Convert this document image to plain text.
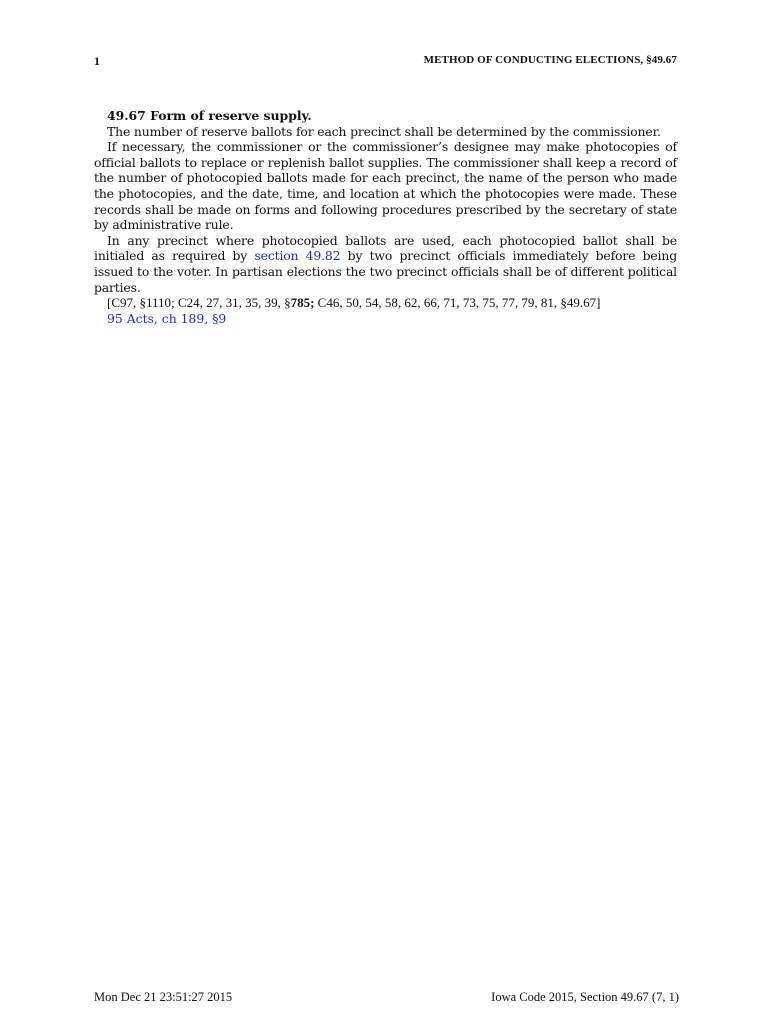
1	METHOD OF CONDUCTING ELECTIONS, §49.67
49.67 Form of reserve supply.

The number of reserve ballots for each precinct shall be determined by the commissioner.

If necessary, the commissioner or the commissioner’s designee may make photocopies of official ballots to replace or replenish ballot supplies. The commissioner shall keep a record of the number of photocopied ballots made for each precinct, the name of the person who made the photocopies, and the date, time, and location at which the photocopies were made. These records shall be made on forms and following procedures prescribed by the secretary of state by administrative rule.

In any precinct where photocopied ballots are used, each photocopied ballot shall be initialed as required by section 49.82 by two precinct officials immediately before being issued to the voter. In partisan elections the two precinct officials shall be of different political parties.

[C97, §1110; C24, 27, 31, 35, 39, §785; C46, 50, 54, 58, 62, 66, 71, 73, 75, 77, 79, 81, §49.67]
95 Acts, ch 189, §9
Mon Dec 21 23:51:27 2015	Iowa Code 2015, Section 49.67 (7, 1)
